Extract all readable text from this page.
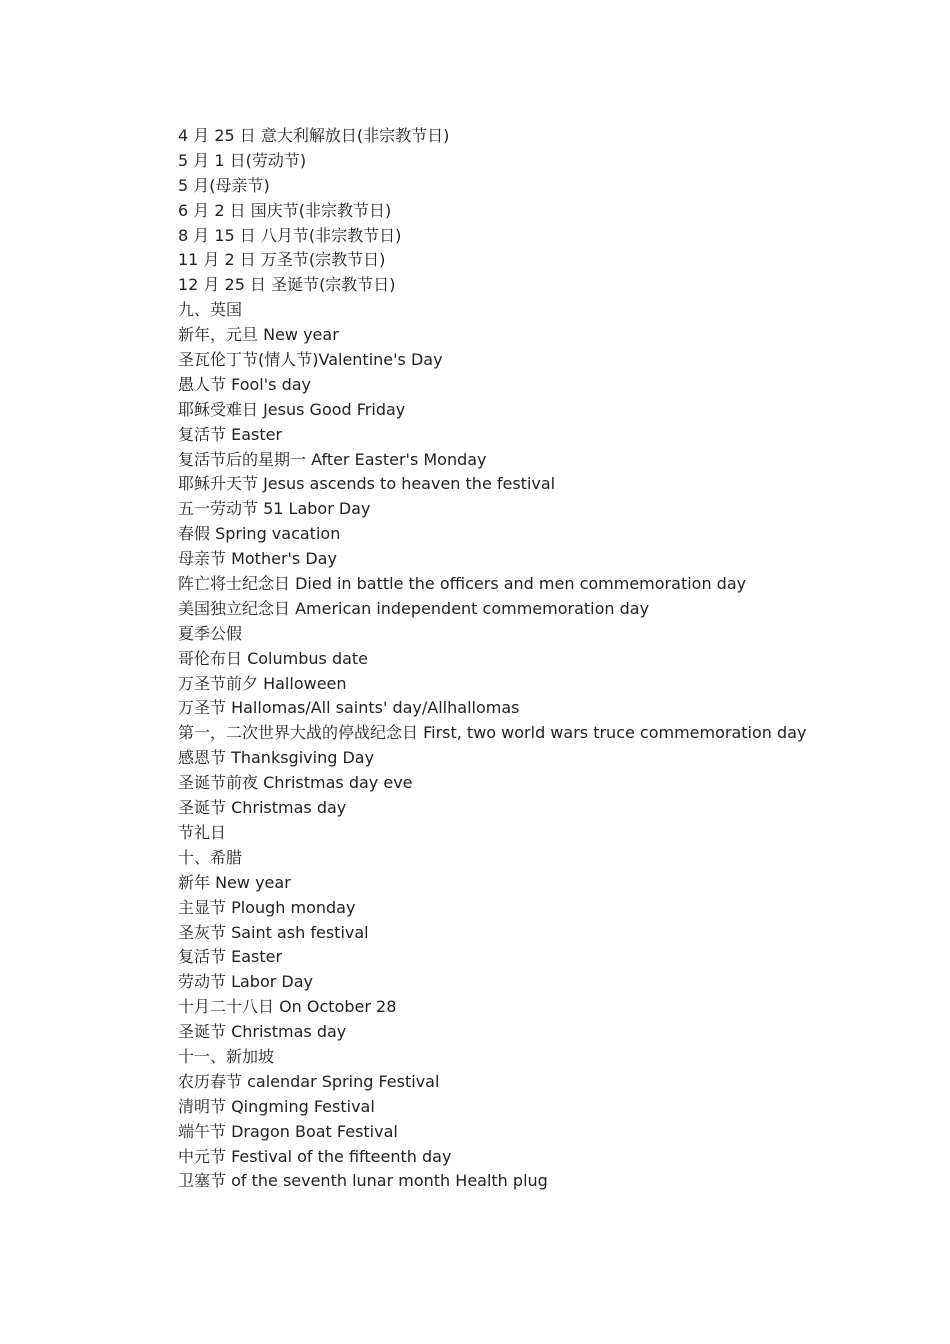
4 月 25 日 意大利解放日(非宗教节日)
5 月 1 日(劳动节)
5 月(母亲节)
6 月 2 日 国庆节(非宗教节日)
8 月 15 日 八月节(非宗教节日)
11 月 2 日 万圣节(宗教节日)
12 月 25 日 圣诞节(宗教节日)
九、英国
新年，元旦 New year
圣瓦伦丁节(情人节)Valentine's Day
愚人节 Fool's day
耶稣受难日 Jesus Good Friday
复活节 Easter
复活节后的星期一 After Easter's Monday
耶稣升天节 Jesus ascends to heaven the festival
五一劳动节 51 Labor Day
春假 Spring vacation
母亲节 Mother's Day
阵亡将士纪念日 Died in battle the officers and men commemoration day
美国独立纪念日 American independent commemoration day
夏季公假
哥伦布日 Columbus date
万圣节前夕 Halloween
万圣节 Hallomas/All saints' day/Allhallomas
第一，二次世界大战的停战纪念日 First, two world wars truce commemoration day
感恩节 Thanksgiving Day
圣诞节前夜 Christmas day eve
圣诞节 Christmas day
节礼日
十、希腊
新年 New year
主显节 Plough monday
圣灰节 Saint ash festival
复活节 Easter
劳动节 Labor Day
十月二十八日 On October 28
圣诞节 Christmas day
十一、新加坡
农历春节 calendar Spring Festival
清明节 Qingming Festival
端午节 Dragon Boat Festival
中元节 Festival of the fifteenth day
卫塞节 of the seventh lunar month Health plug
